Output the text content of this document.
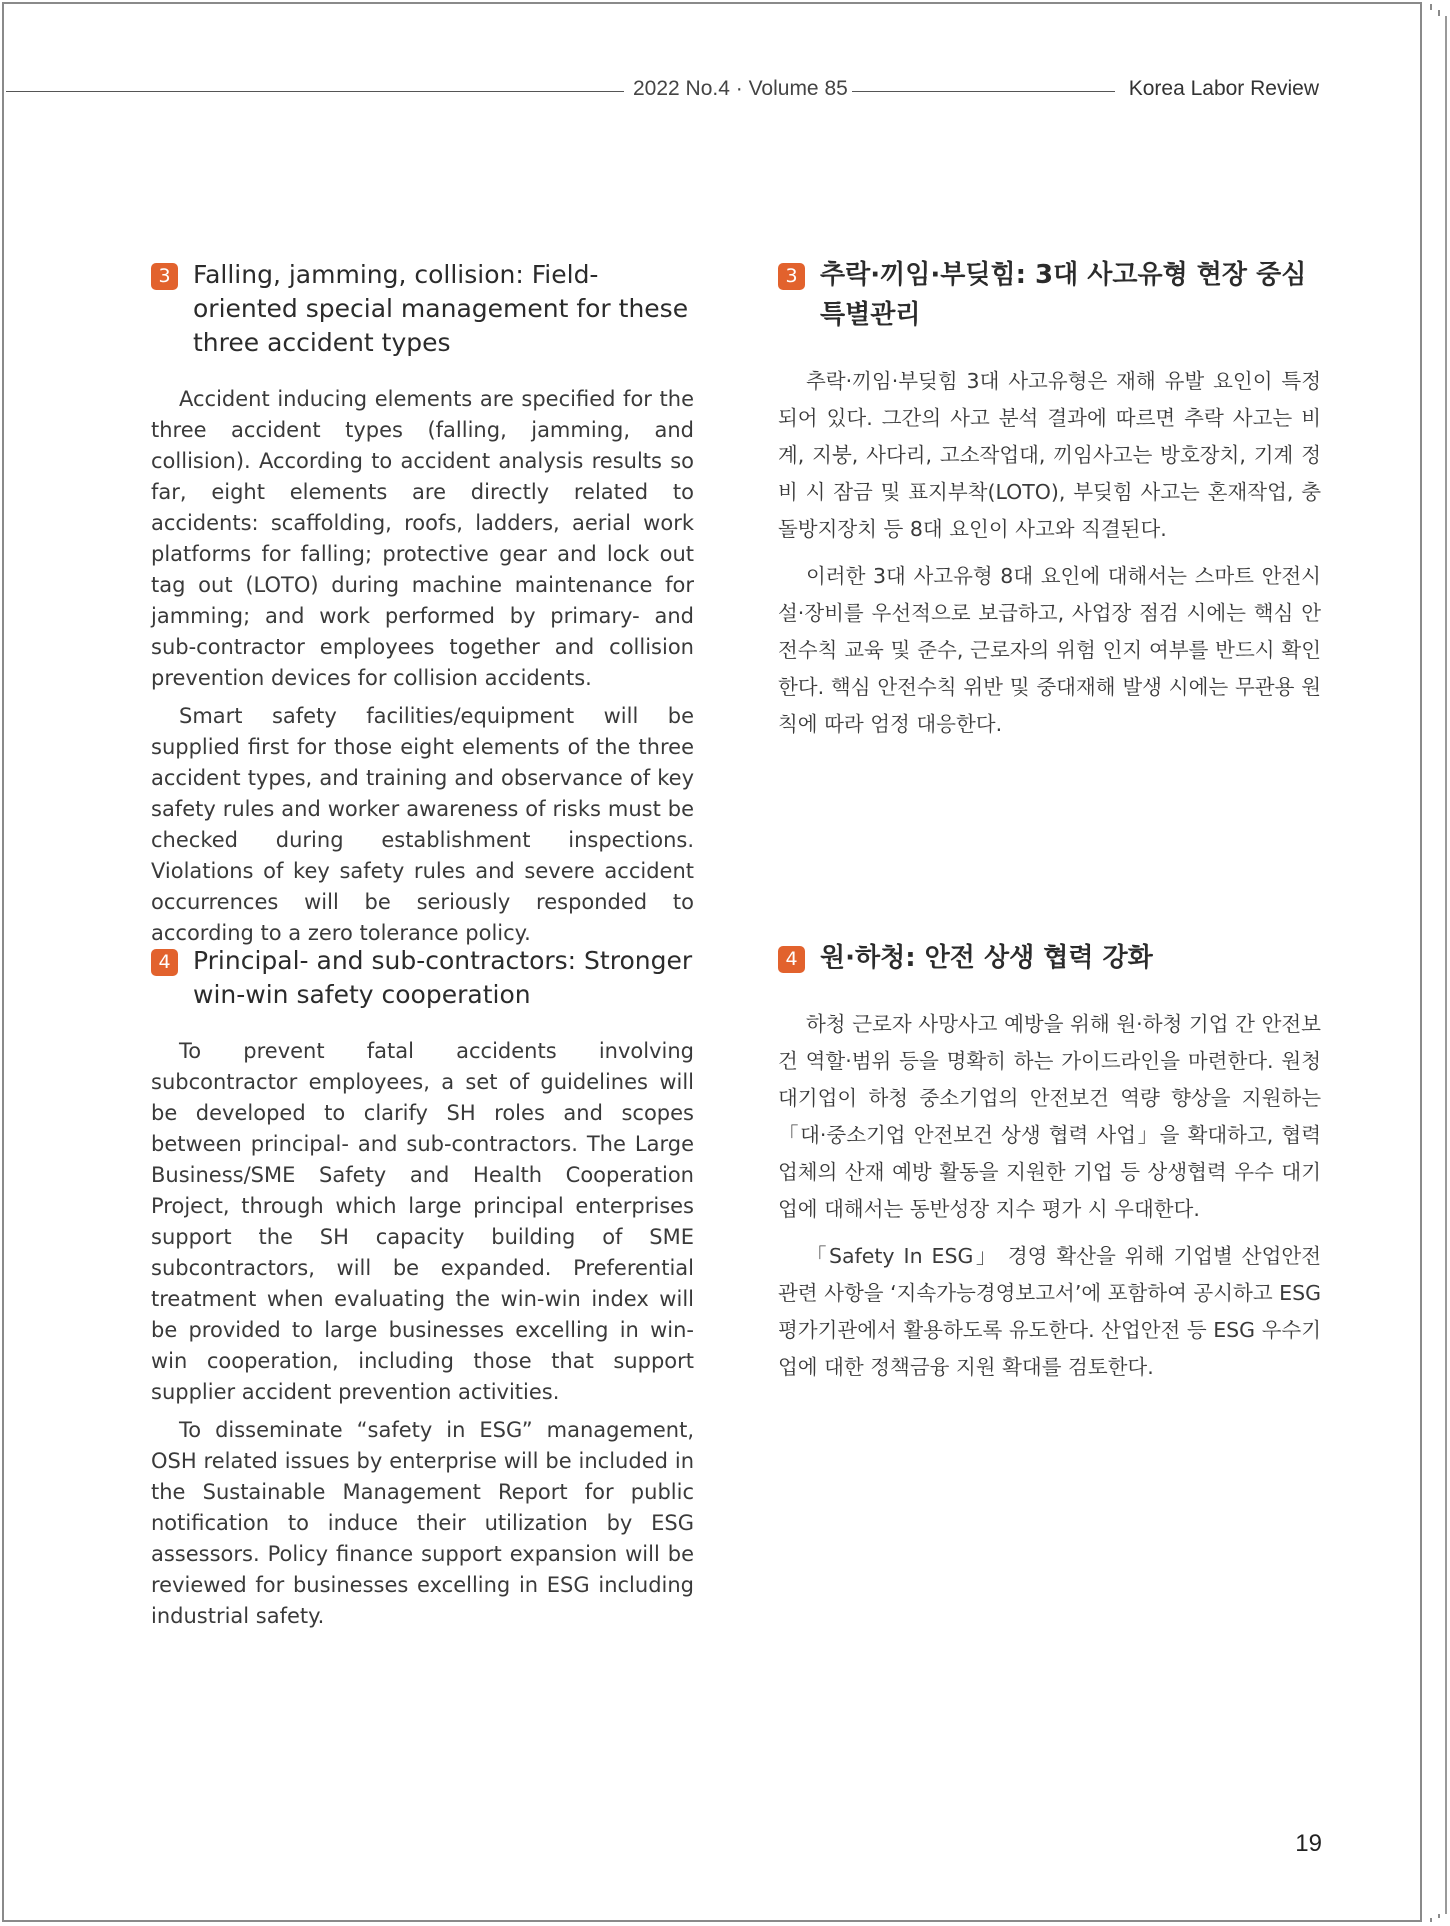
2022 No.4 · Volume 85	Korea Labor Review
3 Falling, jamming, collision: Field-oriented special management for these three accident types

Accident inducing elements are specified for the three accident types (falling, jamming, and collision). According to accident analysis results so far, eight elements are directly related to accidents: scaffolding, roofs, ladders, aerial work platforms for falling; protective gear and lock out tag out (LOTO) during machine maintenance for jamming; and work performed by primary- and sub-contractor employees together and collision prevention devices for collision accidents.

Smart safety facilities/equipment will be supplied first for those eight elements of the three accident types, and training and observance of key safety rules and worker awareness of risks must be checked during establishment inspections. Violations of key safety rules and severe accident occurrences will be seriously responded to according to a zero tolerance policy.

3 추락·끼임·부딪힘: 3대 사고유형 현장 중심 특별관리

추락·끼임·부딪힘 3대 사고유형은 재해 유발 요인이 특정되어 있다. 그간의 사고 분석 결과에 따르면 추락 사고는 비계, 지붕, 사다리, 고소작업대, 끼임사고는 방호장치, 기계 정비 시 잠금 및 표지부착(LOTO), 부딪힘 사고는 혼재작업, 충돌방지장치 등 8대 요인이 사고와 직결된다.

이러한 3대 사고유형 8대 요인에 대해서는 스마트 안전시설·장비를 우선적으로 보급하고, 사업장 점검 시에는 핵심 안전수칙 교육 및 준수, 근로자의 위험 인지 여부를 반드시 확인한다. 핵심 안전수칙 위반 및 중대재해 발생 시에는 무관용 원칙에 따라 엄정 대응한다.

4 Principal- and sub-contractors: Stronger win-win safety cooperation

To prevent fatal accidents involving subcontractor employees, a set of guidelines will be developed to clarify SH roles and scopes between principal- and sub-contractors. The Large Business/SME Safety and Health Cooperation Project, through which large principal enterprises support the SH capacity building of SME subcontractors, will be expanded. Preferential treatment when evaluating the win-win index will be provided to large businesses excelling in win-win cooperation, including those that support supplier accident prevention activities.

To disseminate “safety in ESG” management, OSH related issues by enterprise will be included in the Sustainable Management Report for public notification to induce their utilization by ESG assessors. Policy finance support expansion will be reviewed for businesses excelling in ESG including industrial safety.

4 원·하청: 안전 상생 협력 강화

하청 근로자 사망사고 예방을 위해 원·하청 기업 간 안전보건 역할·범위 등을 명확히 하는 가이드라인을 마련한다. 원청 대기업이 하청 중소기업의 안전보건 역량 향상을 지원하는 「대·중소기업 안전보건 상생 협력 사업」을 확대하고, 협력업체의 산재 예방 활동을 지원한 기업 등 상생협력 우수 대기업에 대해서는 동반성장 지수 평가 시 우대한다.

「Safety In ESG」 경영 확산을 위해 기업별 산업안전 관련 사항을 ‘지속가능경영보고서’에 포함하여 공시하고 ESG 평가기관에서 활용하도록 유도한다. 산업안전 등 ESG 우수기업에 대한 정책금융 지원 확대를 검토한다.

19
